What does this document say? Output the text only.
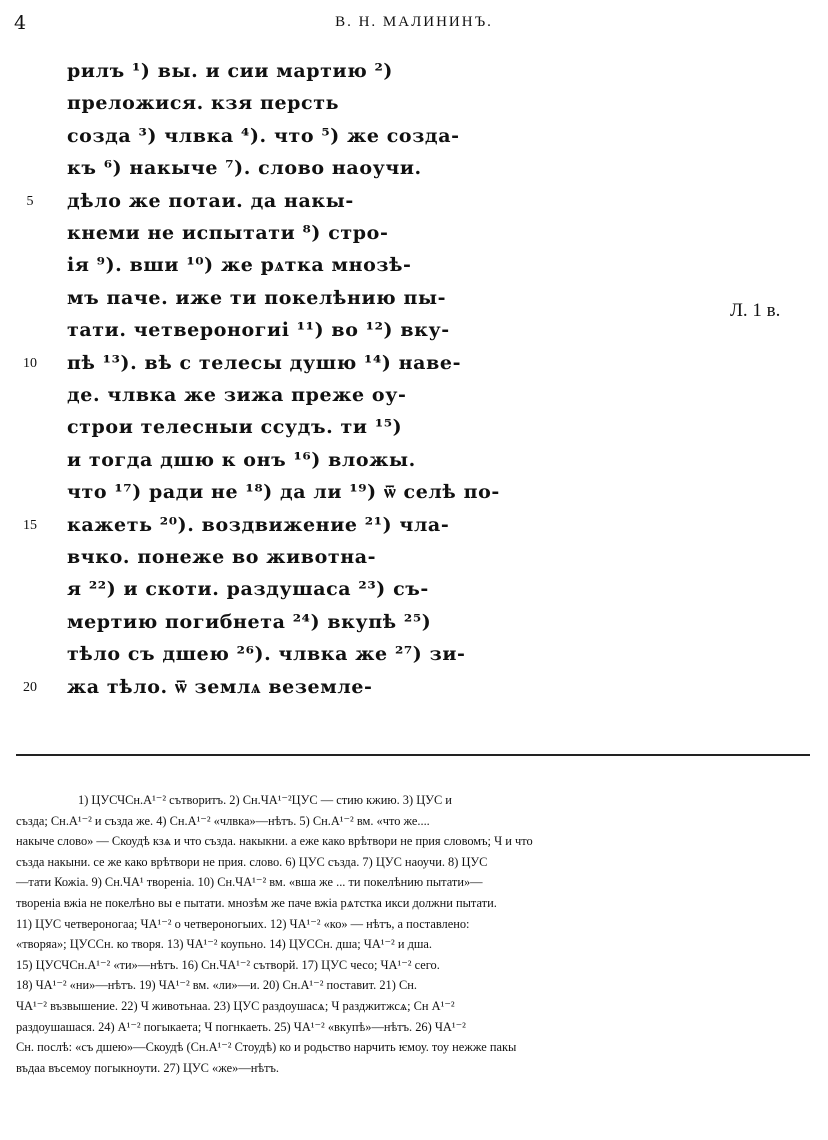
4	В. Н. МАЛИНИНЪ.
рилъ ¹) вы. и сии мартию ²)
преложися. кзя персть
созда ³) члвка ⁴). что ⁵) же созда-
къ ⁶) накыче ⁷). слово наоучи.
5	дѣло же потаи. да накы-
кнеми не испытати ⁸) стро-
ія ⁹). вши ¹⁰) же рѧтка мнозѣ-
мъ паче. иже ти покелѣнию пы-
тати. четвероногиі ¹¹) во ¹²) вку-
10	пѣ ¹³). вѣ с телесы душю ¹⁴) наве-
де. члвка же зижа преже оу-
строи телесныи ссудъ. ти ¹⁵)
и тогда дшю к онъ ¹⁶) вложы.
что ¹⁷) ради не ¹⁸) да ли ¹⁹) ѿ селѣ по-
15	кажеть ²⁰). воздвижение ²¹) чла-
вчко. понеже во животна-
я ²²) и скоти. раздушаса ²³) съ-
мертию погибнета ²⁴) вкупѣ ²⁵)
тѣло съ дшею ²⁶). члвка же ²⁷) зи-
20	жа тѣло. ѿ землѧ веземле-
Л. 1 в.
1) ЦУСЧСн.А¹⁻² сътворитъ. 2) Сн.ЧА¹⁻²ЦУС — стию кжию. 3) ЦУС и
създа; Сн.А¹⁻² и създа же. 4) Сн.А¹⁻² «члвка»—нѣтъ. 5) Сн.А¹⁻² вм. «что же....
накыче слово» — Скоудѣ кзѧ и что създа. накыкни. а еже како врѣтвори не прия словомъ; Ч и что
създа накыни. се же како врѣтвори не прия. слово. 6) ЦУС създа. 7) ЦУС наоучи. 8) ЦУС
—тати Кожiа. 9) Сн.ЧА¹ творенiа. 10) Сн.ЧА¹⁻² вм. «вша же ... ти покелѣнию пытати»—
творенiа вжiа не покелѣно вы е пытати. мнозѣм же паче вжiа рѧтстка икси должни пытати.
11) ЦУС четвероногаа; ЧА¹⁻² о четвероногыих. 12) ЧА¹⁻² «ко» — нѣтъ, а поставлено:
«творяа»; ЦУССн. ко творя. 13) ЧА¹⁻² коупьно. 14) ЦУССн. дша; ЧА¹⁻² и дша.
15) ЦУСЧСн.А¹⁻² «ти»—нѣтъ. 16) Сн.ЧА¹⁻² сътворй. 17) ЦУС чесо; ЧА¹⁻² сего.
18) ЧА¹⁻² «ни»—нѣтъ. 19) ЧА¹⁻² вм. «ли»—и. 20) Сн.А¹⁻² поставит. 21) Сн.
ЧА¹⁻² възвышение. 22) Ч животьнаа. 23) ЦУС раздоушасѧ; Ч разджитжсѧ; Сн А¹⁻²
раздоушашася. 24) А¹⁻² погыкаета; Ч погнкаеть. 25) ЧА¹⁻² «вкупѣ»—нѣтъ. 26) ЧА¹⁻²
Сн. послѣ: «съ дшею»—Скоудѣ (Сн.А¹⁻² Стоудѣ) ко и родьство нарчить ѥмоу. тоу нежже пакы
въдаа въсемоу погыкноути. 27) ЦУС «же»—нѣтъ.
